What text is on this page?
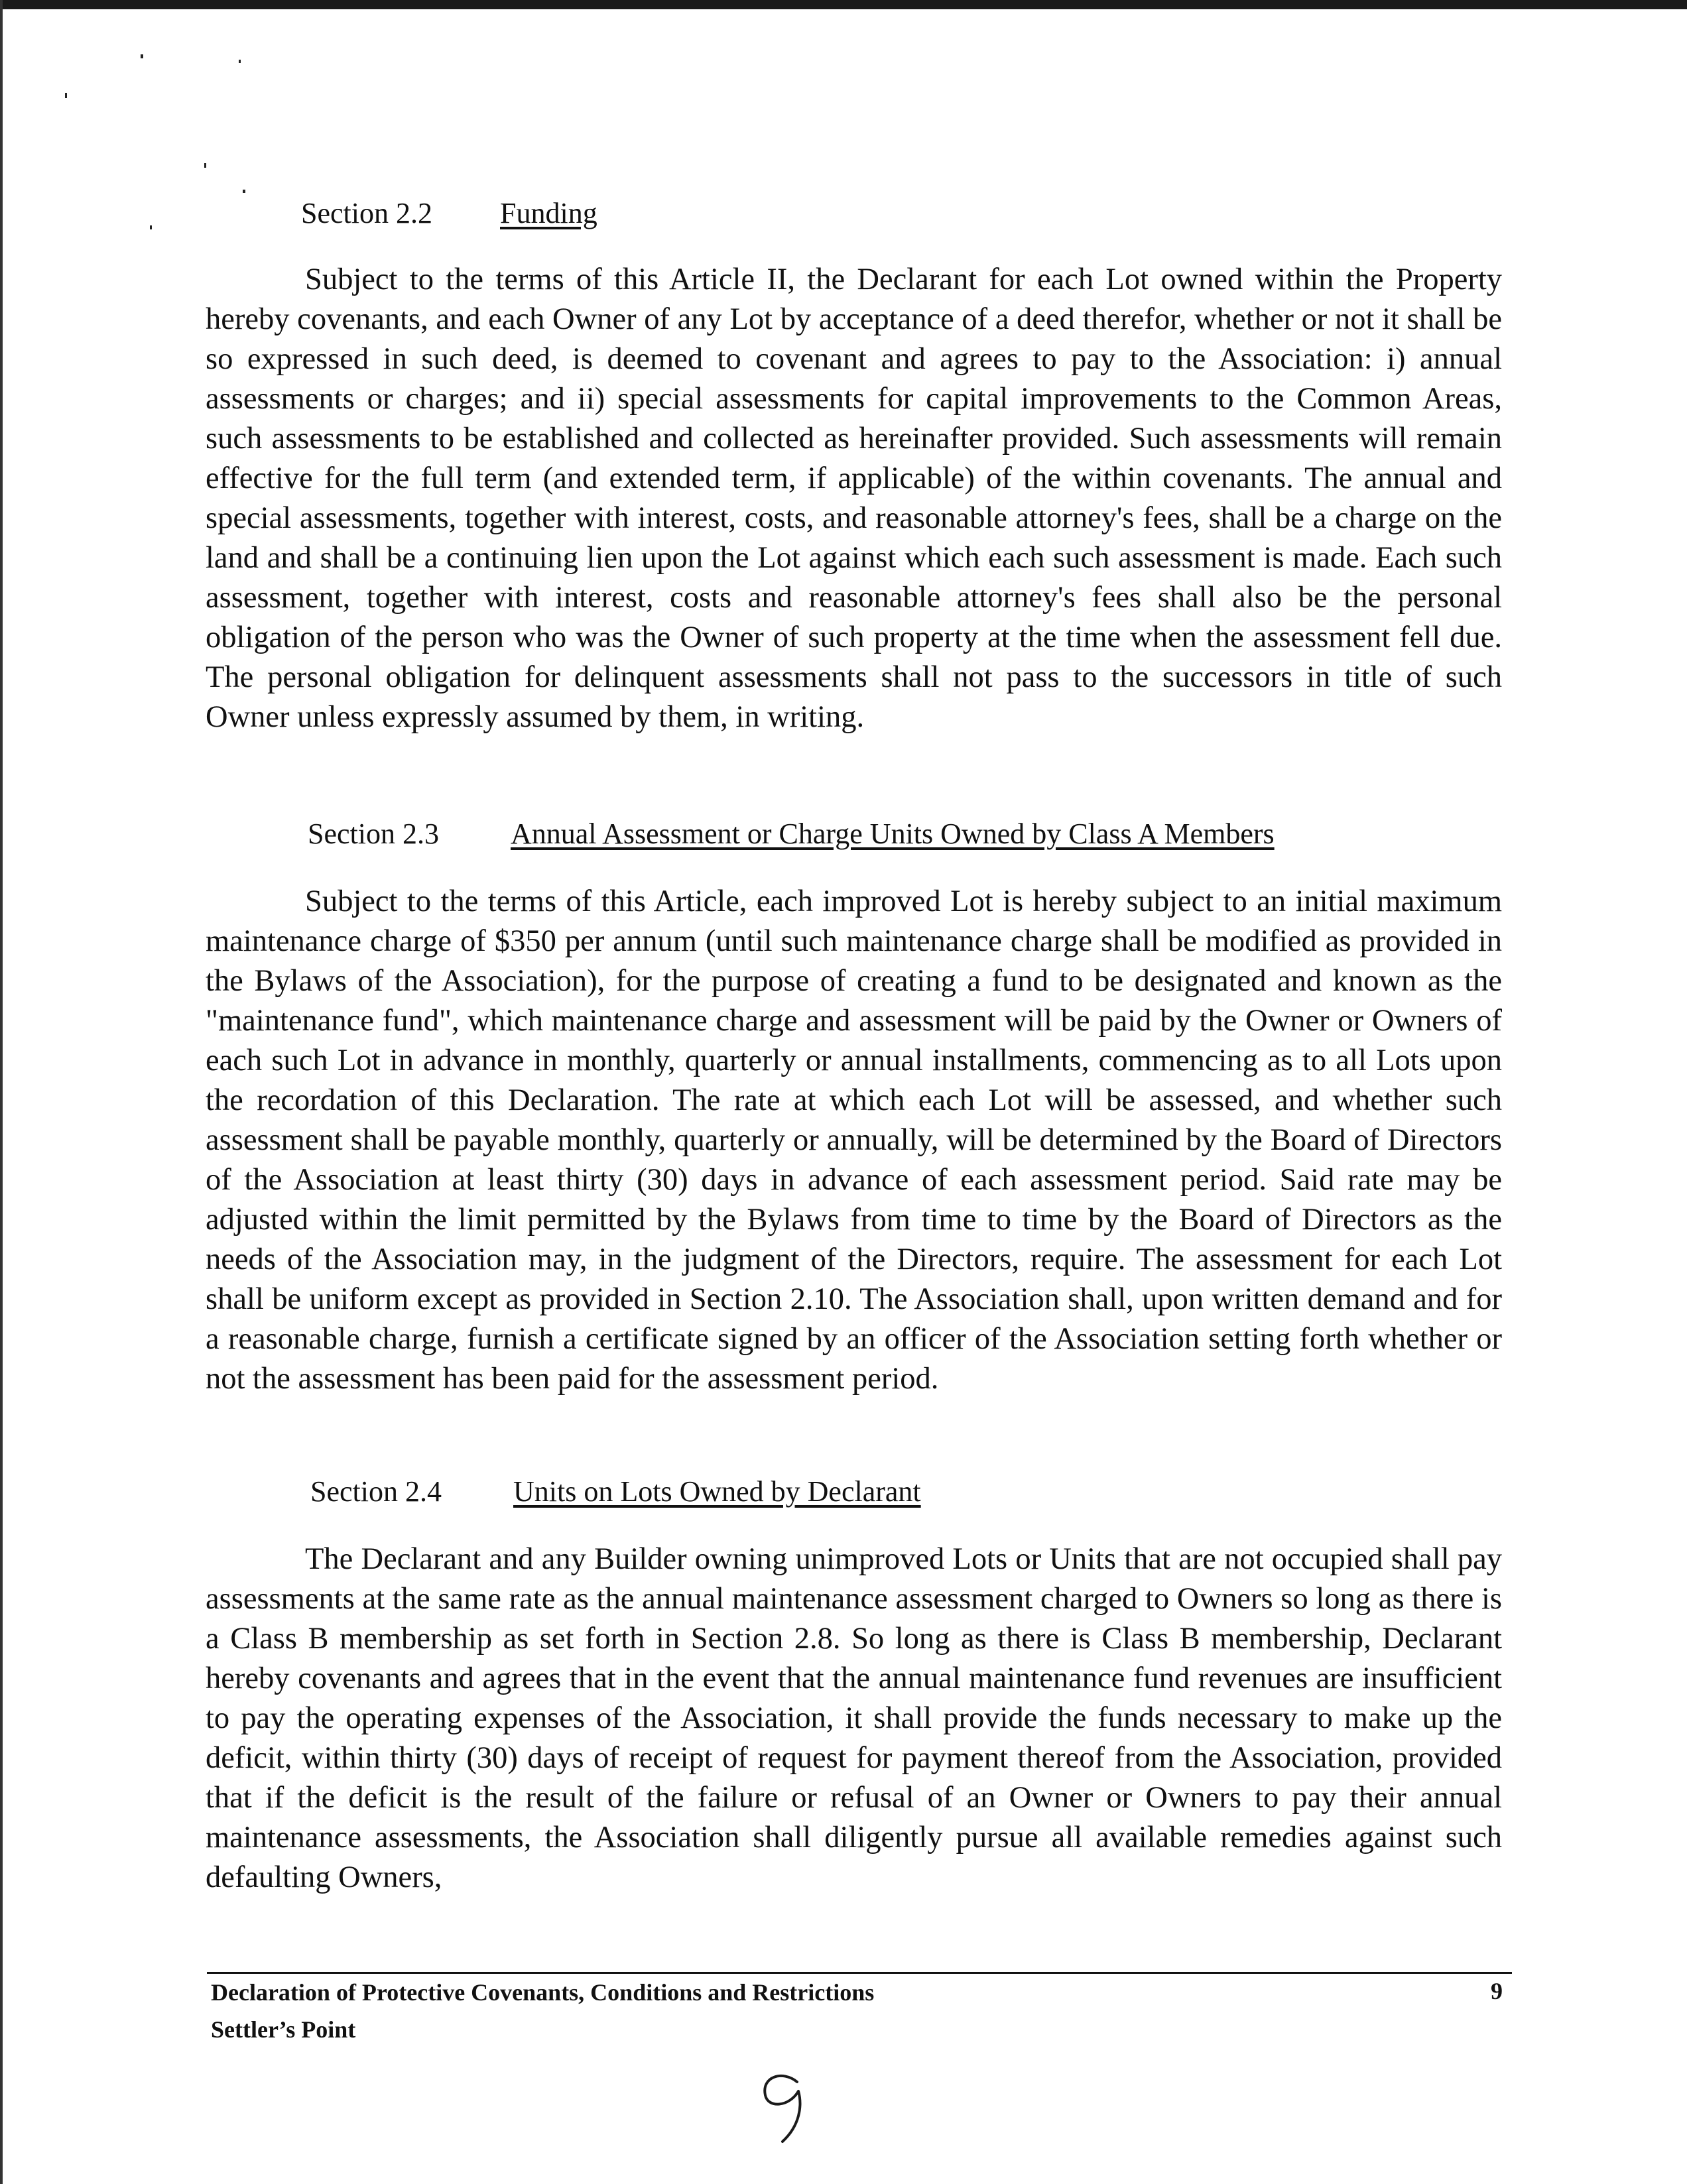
Section 2.2 Funding

Subject to the terms of this Article II, the Declarant for each Lot owned within the Property hereby covenants, and each Owner of any Lot by acceptance of a deed therefor, whether or not it shall be so expressed in such deed, is deemed to covenant and agrees to pay to the Association: i) annual assessments or charges; and ii) special assessments for capital improvements to the Common Areas, such assessments to be established and collected as hereinafter provided. Such assessments will remain effective for the full term (and extended term, if applicable) of the within covenants. The annual and special assessments, together with interest, costs, and reasonable attorney's fees, shall be a charge on the land and shall be a continuing lien upon the Lot against which each such assessment is made. Each such assessment, together with interest, costs and reasonable attorney's fees shall also be the personal obligation of the person who was the Owner of such property at the time when the assessment fell due. The personal obligation for delinquent assessments shall not pass to the successors in title of such Owner unless expressly assumed by them, in writing.

Section 2.3 Annual Assessment or Charge Units Owned by Class A Members

Subject to the terms of this Article, each improved Lot is hereby subject to an initial maximum maintenance charge of $350 per annum (until such maintenance charge shall be modified as provided in the Bylaws of the Association), for the purpose of creating a fund to be designated and known as the "maintenance fund", which maintenance charge and assessment will be paid by the Owner or Owners of each such Lot in advance in monthly, quarterly or annual installments, commencing as to all Lots upon the recordation of this Declaration. The rate at which each Lot will be assessed, and whether such assessment shall be payable monthly, quarterly or annually, will be determined by the Board of Directors of the Association at least thirty (30) days in advance of each assessment period. Said rate may be adjusted within the limit permitted by the Bylaws from time to time by the Board of Directors as the needs of the Association may, in the judgment of the Directors, require. The assessment for each Lot shall be uniform except as provided in Section 2.10. The Association shall, upon written demand and for a reasonable charge, furnish a certificate signed by an officer of the Association setting forth whether or not the assessment has been paid for the assessment period.

Section 2.4 Units on Lots Owned by Declarant

The Declarant and any Builder owning unimproved Lots or Units that are not occupied shall pay assessments at the same rate as the annual maintenance assessment charged to Owners so long as there is a Class B membership as set forth in Section 2.8. So long as there is Class B membership, Declarant hereby covenants and agrees that in the event that the annual maintenance fund revenues are insufficient to pay the operating expenses of the Association, it shall provide the funds necessary to make up the deficit, within thirty (30) days of receipt of request for payment thereof from the Association, provided that if the deficit is the result of the failure or refusal of an Owner or Owners to pay their annual maintenance assessments, the Association shall diligently pursue all available remedies against such defaulting Owners,

Declaration of Protective Covenants, Conditions and Restrictions
Settler’s Point
9
